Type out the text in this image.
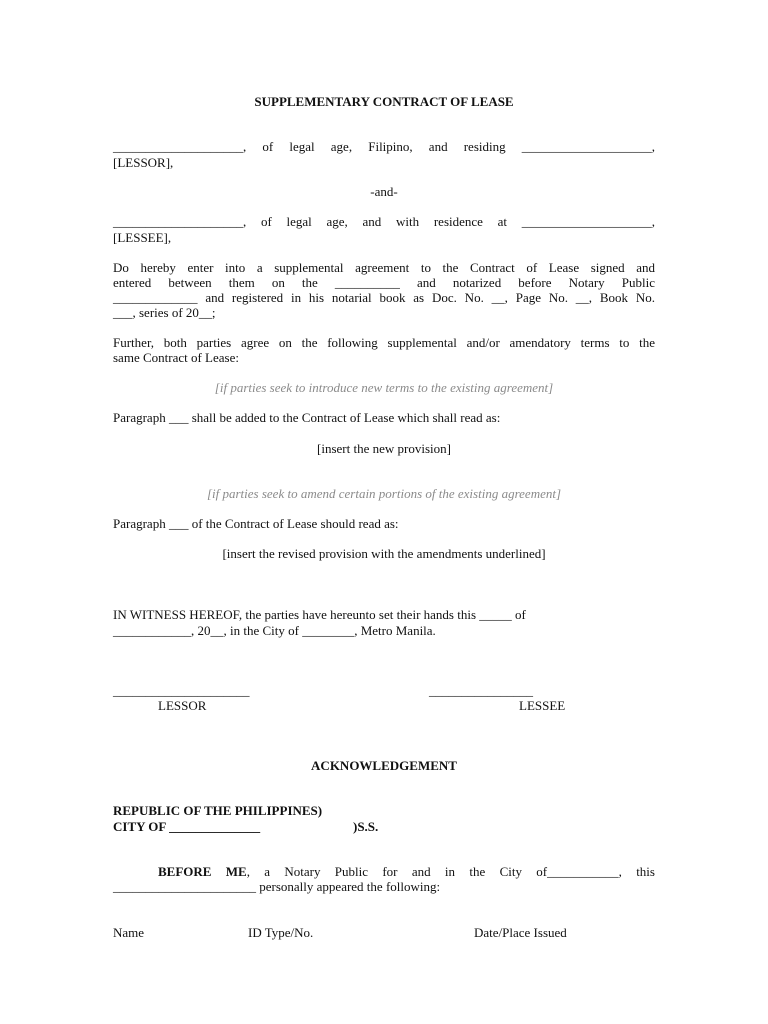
SUPPLEMENTARY CONTRACT OF LEASE
____________________, of legal age, Filipino, and residing ____________________,
[LESSOR],
-and-
____________________, of legal age, and with residence at ____________________,
[LESSEE],
Do hereby enter into a supplemental agreement to the Contract of Lease signed and
entered between them on the __________ and notarized before Notary Public
_____________ and registered in his notarial book as Doc. No. __, Page No. __, Book No.
___, series of 20__;
Further, both parties agree on the following supplemental and/or amendatory terms to the
same Contract of Lease:
[if parties seek to introduce new terms to the existing agreement]
Paragraph ___ shall be added to the Contract of Lease which shall read as:
[insert the new provision]
[if parties seek to amend certain portions of the existing agreement]
Paragraph ___ of the Contract of Lease should read as:
[insert the revised provision with the amendments underlined]
IN WITNESS HEREOF, the parties have hereunto set their hands this _____ of
____________, 20__, in the City of ________, Metro Manila.
_____________________
LESSOR
________________
LESSEE
ACKNOWLEDGEMENT
REPUBLIC OF THE PHILIPPINES)
CITY OF ______________	)S.S.
BEFORE ME, a Notary Public for and in the City of___________, this
______________________ personally appeared the following:
Name	ID Type/No.	Date/Place Issued
